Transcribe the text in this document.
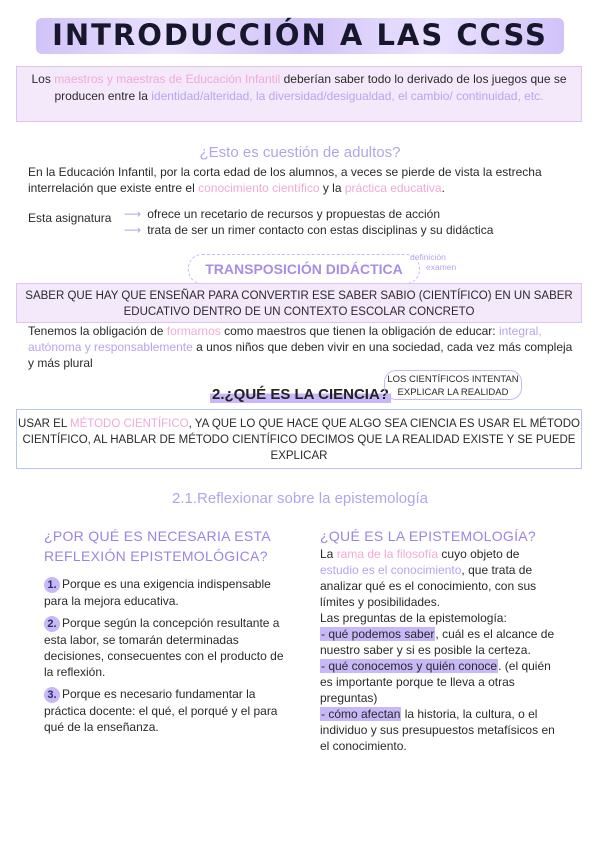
INTRODUCCIÓN A LAS CCSS
Los maestros y maestras de Educación Infantil deberían saber todo lo derivado de los juegos que se producen entre la identidad/alteridad, la diversidad/desigualdad, el cambio/ continuidad, etc.
¿Esto es cuestión de adultos?
En la Educación Infantil, por la corta edad de los alumnos, a veces se pierde de vista la estrecha interrelación que existe entre el conocimiento científico y la práctica educativa.
Esta asignatura ⟶ ofrece un recetario de recursos y propuestas de acción
⟶ trata de ser un rimer contacto con estas disciplinas y su didáctica
TRANSPOSICIÓN DIDÁCTICA
definición
examen
SABER QUE HAY QUE ENSEÑAR PARA CONVERTIR ESE SABER SABIO (CIENTÍFICO) EN UN SABER EDUCATIVO DENTRO DE UN CONTEXTO ESCOLAR CONCRETO
Tenemos la obligación de formarnos como maestros que tienen la obligación de educar: integral, autónoma y responsablemente a unos niños que deben vivir en una sociedad, cada vez más compleja y más plural
2.¿QUÉ ES LA CIENCIA?
LOS CIENTÍFICOS INTENTAN EXPLICAR LA REALIDAD
USAR EL MÉTODO CIENTÍFICO, YA QUE LO QUE HACE QUE ALGO SEA CIENCIA ES USAR EL MÉTODO CIENTÍFICO, AL HABLAR DE MÉTODO CIENTÍFICO DECIMOS QUE LA REALIDAD EXISTE Y SE PUEDE EXPLICAR
2.1.Reflexionar sobre la epistemología
¿POR QUÉ ES NECESARIA ESTA REFLEXIÓN EPISTEMOLÓGICA?
1. Porque es una exigencia indispensable para la mejora educativa.
2. Porque según la concepción resultante a esta labor, se tomarán determinadas decisiones, consecuentes con el producto de la reflexión.
3. Porque es necesario fundamentar la práctica docente: el qué, el porqué y el para qué de la enseñanza.
¿QUÉ ES LA EPISTEMOLOGÍA?
La rama de la filosofía cuyo objeto de estudio es el conocimiento, que trata de analizar qué es el conocimiento, con sus límites y posibilidades.
Las preguntas de la epistemología:
- qué podemos saber, cuál es el alcance de nuestro saber y si es posible la certeza.
- qué conocemos y quién conoce. (el quién es importante porque te lleva a otras preguntas)
- cómo afectan la historia, la cultura, o el individuo y sus presupuestos metafísicos en el conocimiento.
